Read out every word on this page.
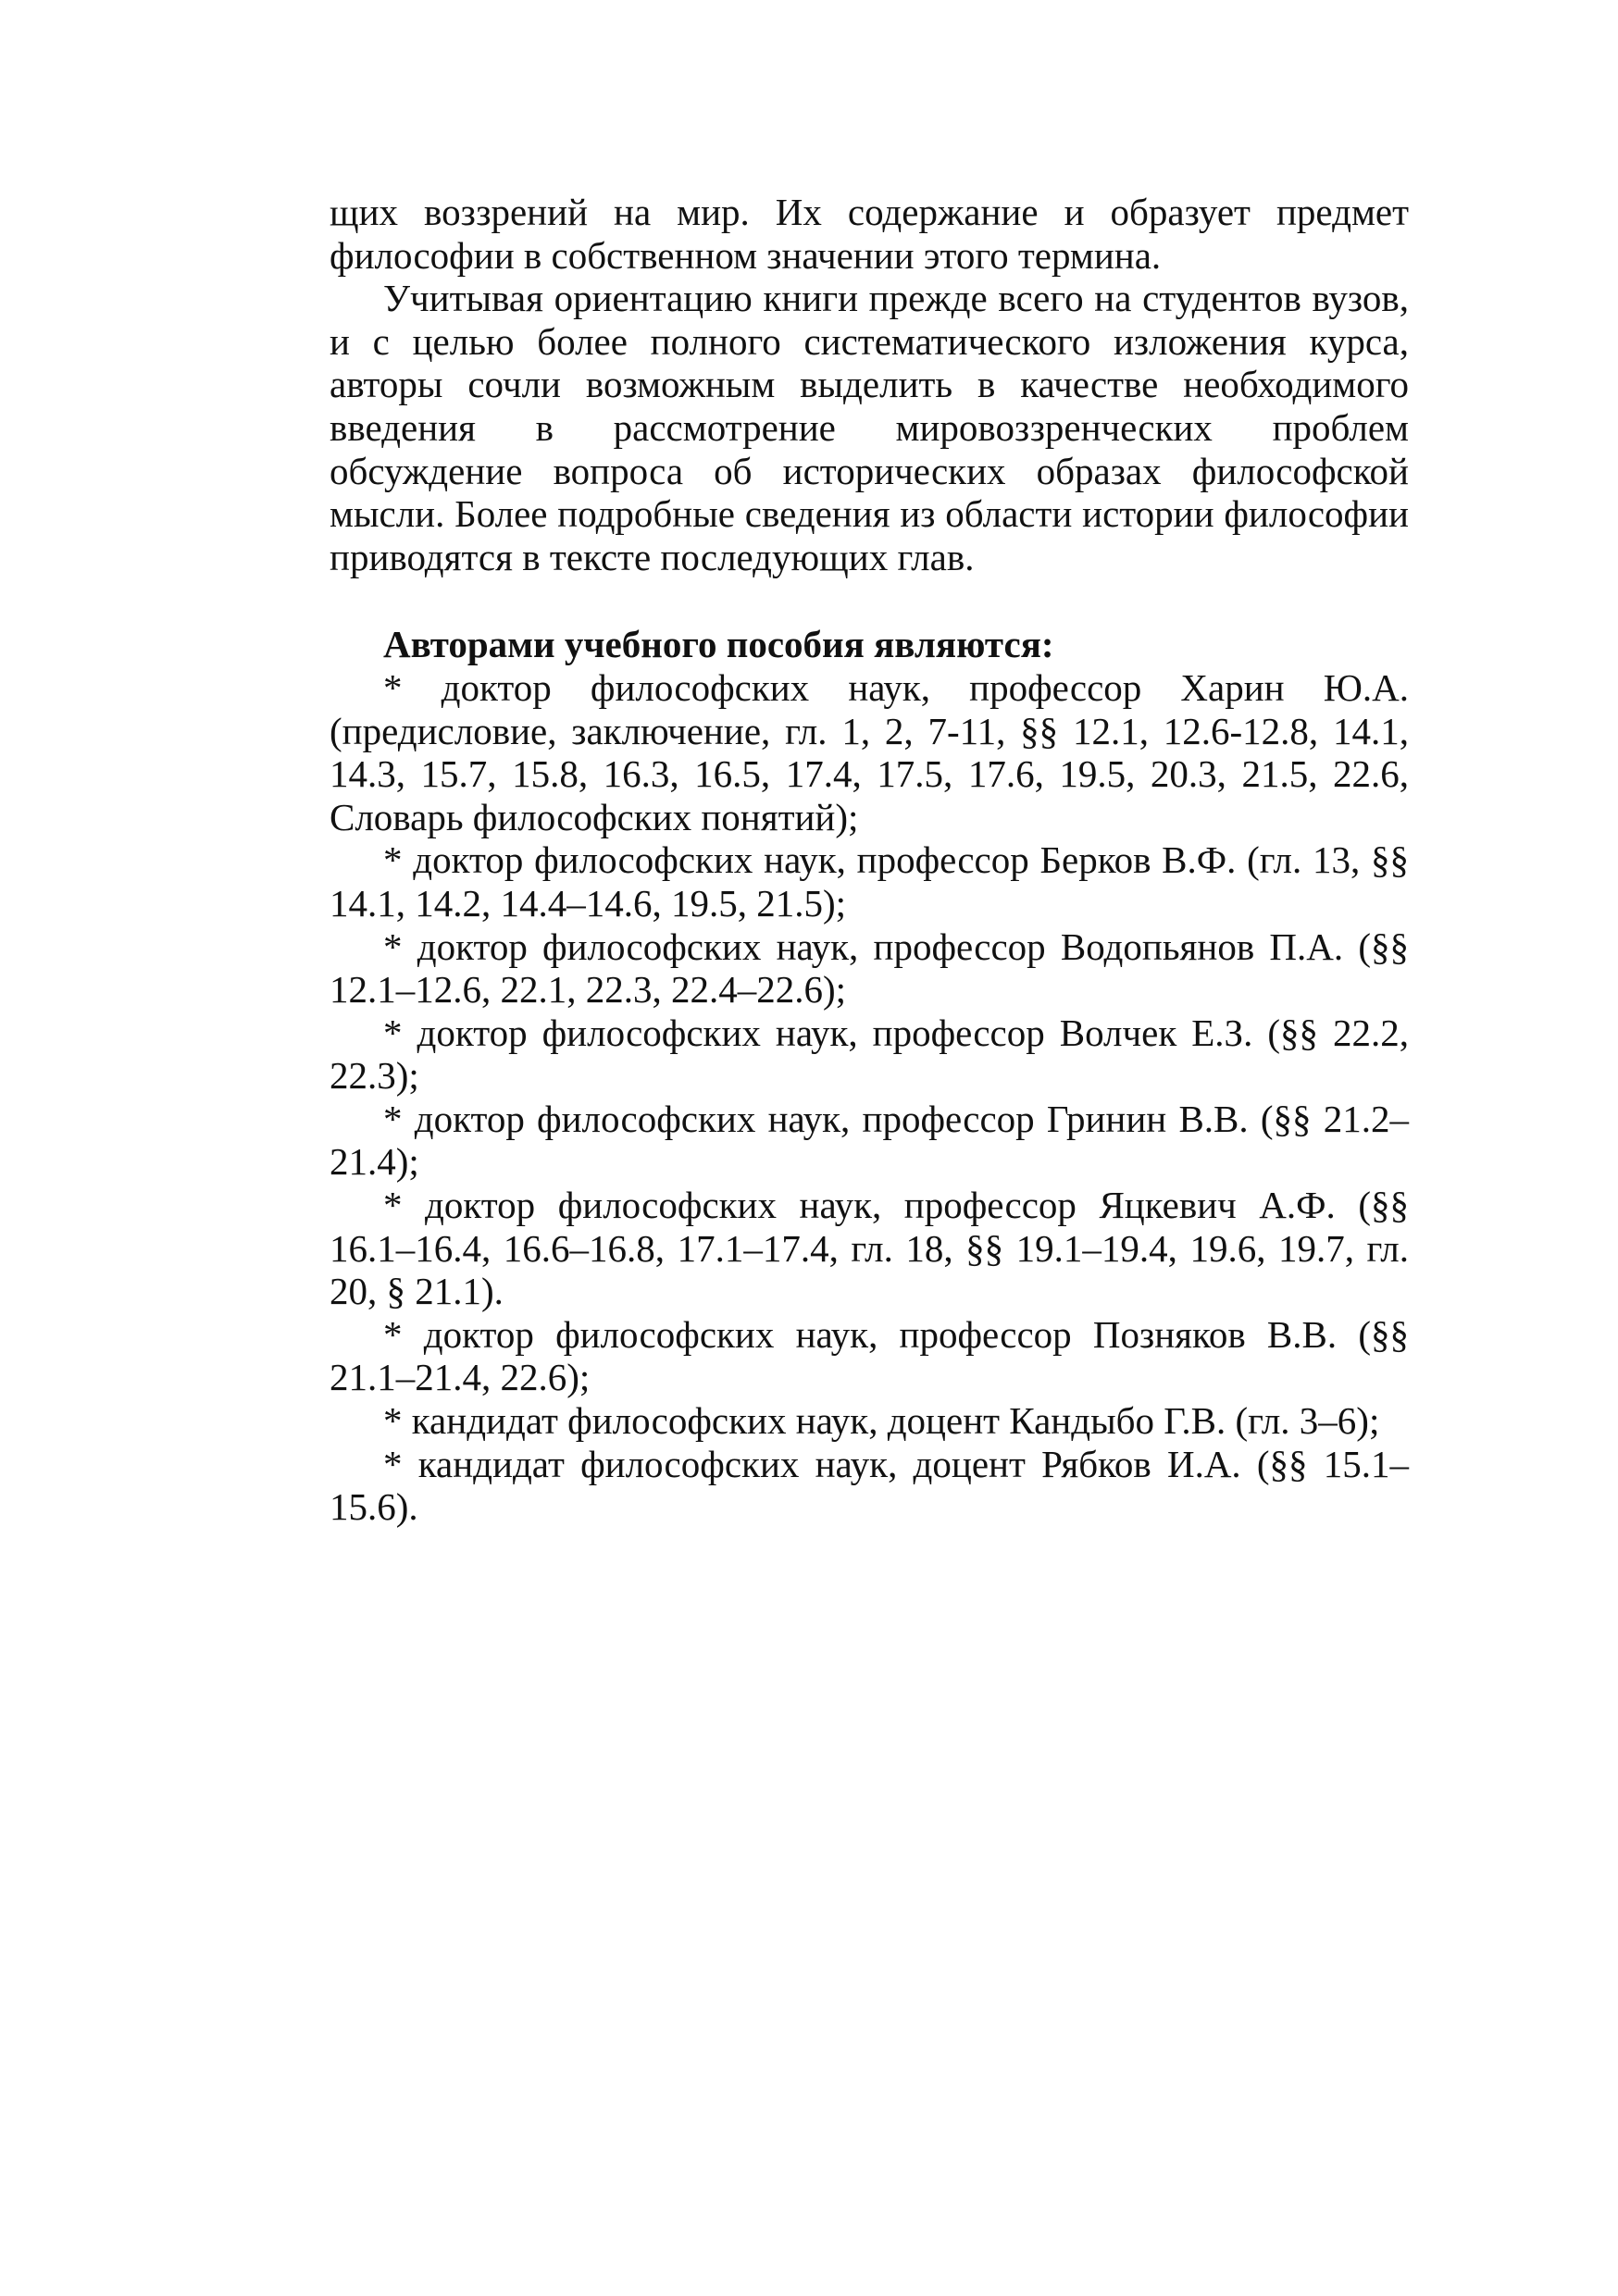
щих воззрений на мир. Их содержание и образует предмет философии в собственном значении этого термина.

Учитывая ориентацию книги прежде всего на студентов вузов, и с целью более полного систематического изложения курса, авторы сочли возможным выделить в качестве необходимого введения в рассмотрение мировоззренческих проблем обсуждение вопроса об исторических образах философской мысли. Более подробные сведения из области истории философии приводятся в тексте последующих глав.

Авторами учебного пособия являются:

* доктор философских наук, профессор Харин Ю.А. (предисловие, заключение, гл. 1, 2, 7-11, §§ 12.1, 12.6-12.8, 14.1, 14.3, 15.7, 15.8, 16.3, 16.5, 17.4, 17.5, 17.6, 19.5, 20.3, 21.5, 22.6, Словарь философских понятий);

* доктор философских наук, профессор Берков В.Ф. (гл. 13, §§ 14.1, 14.2, 14.4–14.6, 19.5, 21.5);

* доктор философских наук, профессор Водопьянов П.А. (§§ 12.1–12.6, 22.1, 22.3, 22.4–22.6);

* доктор философских наук, профессор Волчек Е.З. (§§ 22.2, 22.3);

* доктор философских наук, профессор Гринин В.В. (§§ 21.2–21.4);

* доктор философских наук, профессор Яцкевич А.Ф. (§§ 16.1–16.4, 16.6–16.8, 17.1–17.4, гл. 18, §§ 19.1–19.4, 19.6, 19.7, гл. 20, § 21.1).

* доктор философских наук, профессор Позняков В.В. (§§ 21.1–21.4, 22.6);

* кандидат философских наук, доцент Кандыбо Г.В. (гл. 3–6);

* кандидат философских наук, доцент Рябков И.А. (§§ 15.1–15.6).
